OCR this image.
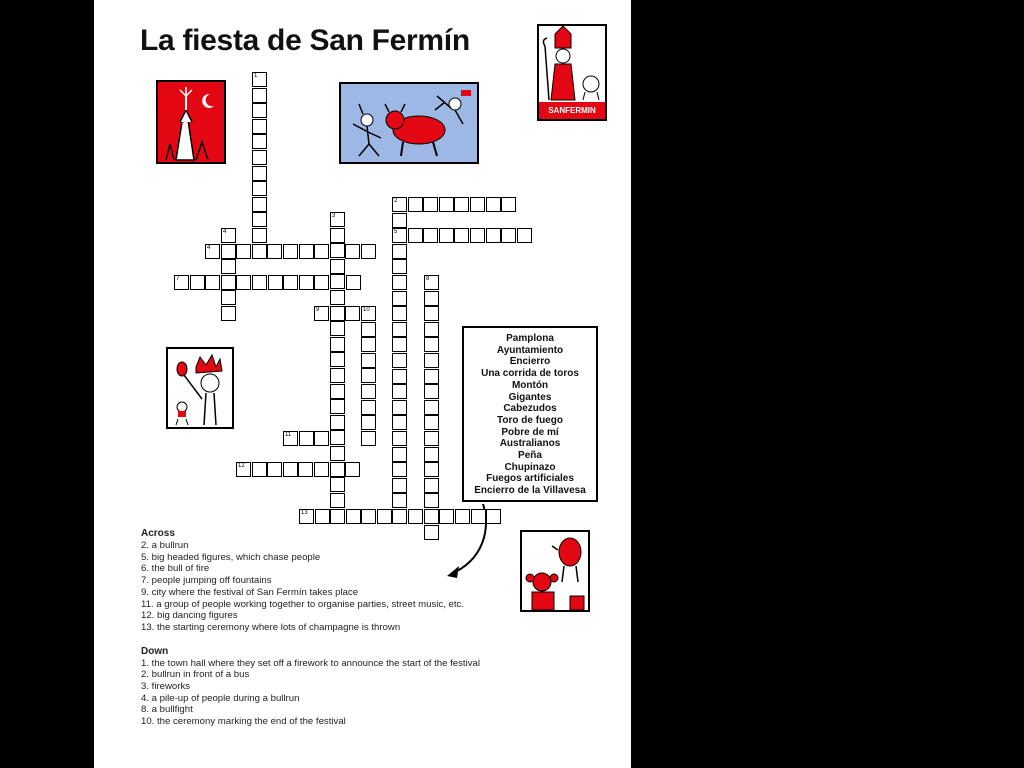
La fiesta de San Fermín
SANFERMIN
1
2
5
3
4
4
7	8
9	10
11
12
13
Pamplona
Ayuntamiento
Encierro
Una corrida de toros
Montón
Gigantes
Cabezudos
Toro de fuego
Pobre de mí
Australianos
Peña
Chupinazo
Fuegos artificiales
Encierro de la Villavesa
Across
2. a bullrun
5. big headed figures, which chase people
6. the bull of fire
7. people jumping off fountains
9. city where the festival of San Fermín takes place
11. a group of people working together to organise parties, street music, etc.
12. big dancing figures
13. the starting ceremony where lots of champagne is thrown
Down
1. the town hall where they set off a firework to announce the start of the festival
2. bullrun in front of a bus
3. fireworks
4. a pile-up of people during a bullrun
8. a bullfight
10. the ceremony marking the end of the festival
